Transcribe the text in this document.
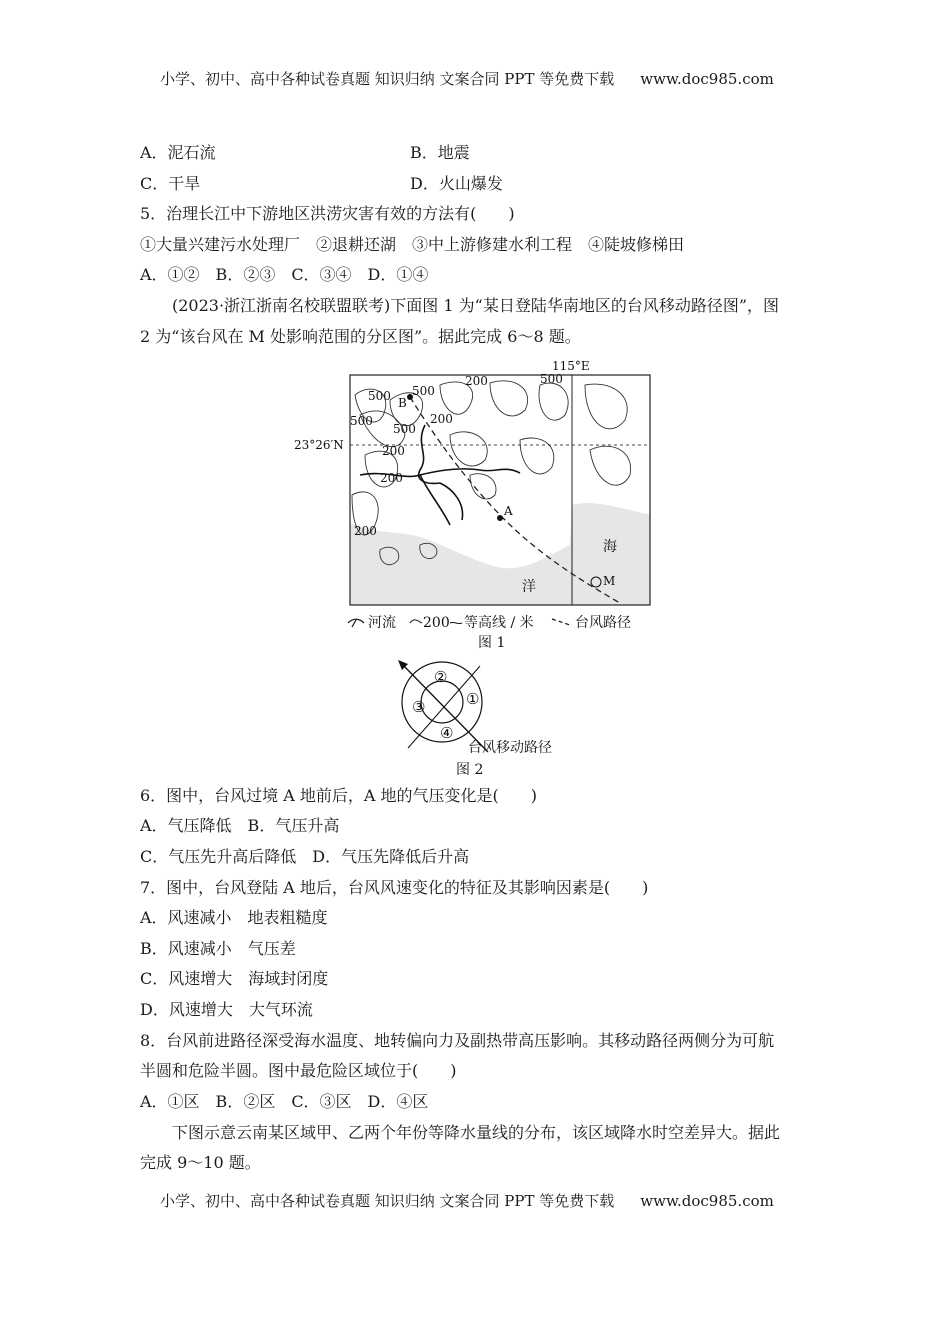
小学、初中、高中各种试卷真题 知识归纳 文案合同 PPT 等免费下载 www.doc985.com
A．泥石流	B．地震
C．干旱	D．火山爆发
5．治理长江中下游地区洪涝灾害有效的方法有(　　)
①大量兴建污水处理厂　②退耕还湖　③中上游修建水利工程　④陡坡修梯田
A．①②　B．②③　C．③④　D．①④
(2023·浙江浙南名校联盟联考)下面图 1 为“某日登陆华南地区的台风移动路径图”，图
2 为“该台风在 M 处影响范围的分区图”。据此完成 6～8 题。
B
A
M
海
洋
115°E
23°26′N
500
500
500
500
200
200
200
200
200
500
河流 200 等高线 / 米	台风路径
图 1
②
①
③
④
台风移动路径
图 2
6．图中，台风过境 A 地前后，A 地的气压变化是(　　)
A．气压降低　B．气压升高
C．气压先升高后降低　D．气压先降低后升高
7．图中，台风登陆 A 地后，台风风速变化的特征及其影响因素是(　　)
A．风速减小　地表粗糙度
B．风速减小　气压差
C．风速增大　海域封闭度
D．风速增大　大气环流
8．台风前进路径深受海水温度、地转偏向力及副热带高压影响。其移动路径两侧分为可航
半圆和危险半圆。图中最危险区域位于(　　)
A．①区　B．②区　C．③区　D．④区
下图示意云南某区域甲、乙两个年份等降水量线的分布，该区域降水时空差异大。据此
完成 9～10 题。
小学、初中、高中各种试卷真题 知识归纳 文案合同 PPT 等免费下载 www.doc985.com
